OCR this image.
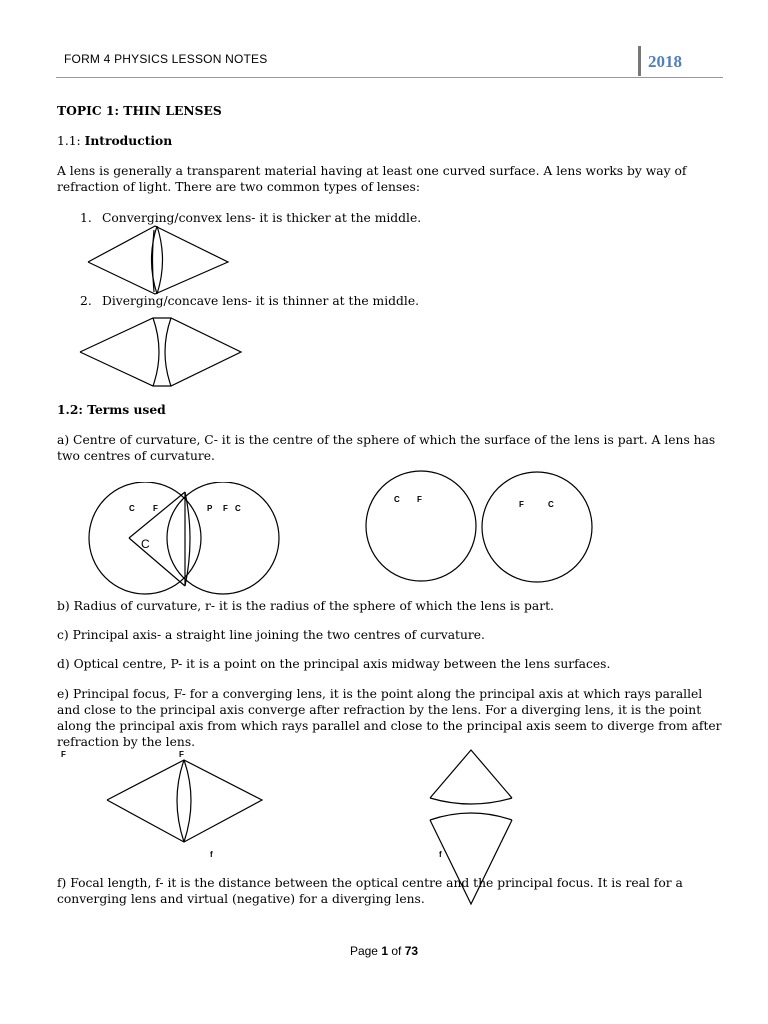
FORM 4 PHYSICS LESSON NOTES	2018
TOPIC 1: THIN LENSES
1.1: Introduction
A lens is generally a transparent material having at least one curved surface. A lens works by way of refraction of light. There are two common types of lenses:
1. Converging/convex lens- it is thicker at the middle.
2. Diverging/concave lens- it is thinner at the middle.
1.2: Terms used
a) Centre of curvature, C- it is the centre of the sphere of which the surface of the lens is part. A lens has two centres of curvature.
C F	P F C
C
C F
F	C
b) Radius of curvature, r- it is the radius of the sphere of which the lens is part.
c) Principal axis- a straight line joining the two centres of curvature.
d) Optical centre, P- it is a point on the principal axis midway between the lens surfaces.
e) Principal focus, F- for a converging lens, it is the point along the principal axis at which rays parallel and close to the principal axis converge after refraction by the lens. For a diverging lens, it is the point along the principal axis from which rays parallel and close to the principal axis seem to diverge from after refraction by the lens.
F	F
f	f
f) Focal length, f- it is the distance between the optical centre and the principal focus. It is real for a converging lens and virtual (negative) for a diverging lens.
Page 1 of 73
